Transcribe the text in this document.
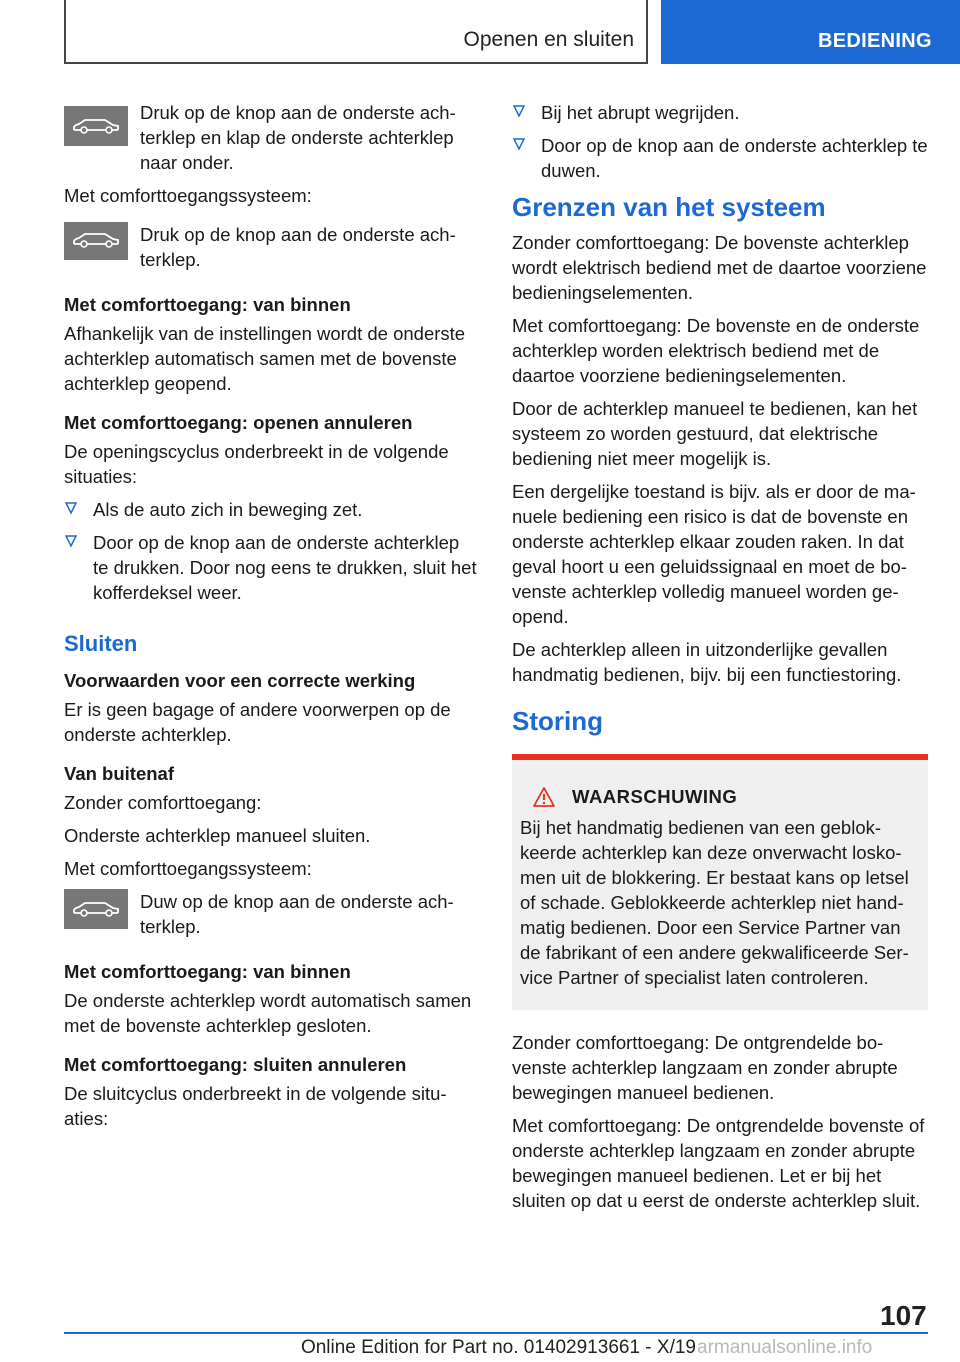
Openen en sluiten	BEDIENING
Druk op de knop aan de onderste achterklep en klap de onderste achterklep naar onder.

Met comforttoegangssysteem:

Druk op de knop aan de onderste achterklep.

Met comforttoegang: van binnen

Afhankelijk van de instellingen wordt de onderste achterklep automatisch samen met de bovenste achterklep geopend.

Met comforttoegang: openen annuleren

De openingscyclus onderbreekt in de volgende situaties:

Als de auto zich in beweging zet.
Door op de knop aan de onderste achterklep te drukken. Door nog eens te drukken, sluit het kofferdeksel weer.
Sluiten

Voorwaarden voor een correcte werking

Er is geen bagage of andere voorwerpen op de onderste achterklep.

Van buitenaf

Zonder comforttoegang:

Onderste achterklep manueel sluiten.

Met comforttoegangssysteem:

Duw op de knop aan de onderste achterklep.

Met comforttoegang: van binnen

De onderste achterklep wordt automatisch samen met de bovenste achterklep gesloten.

Met comforttoegang: sluiten annuleren

De sluitcyclus onderbreekt in de volgende situaties:

Bij het abrupt wegrijden.
Door op de knop aan de onderste achterklep te duwen.
Grenzen van het systeem

Zonder comforttoegang: De bovenste achterklep wordt elektrisch bediend met de daartoe voorziene bedieningselementen.

Met comforttoegang: De bovenste en de onderste achterklep worden elektrisch bediend met de daartoe voorziene bedieningselementen.

Door de achterklep manueel te bedienen, kan het systeem zo worden gestuurd, dat elektrische bediening niet meer mogelijk is.

Een dergelijke toestand is bijv. als er door de manuele bediening een risico is dat de bovenste en onderste achterklep elkaar zouden raken. In dat geval hoort u een geluidssignaal en moet de bovenste achterklep volledig manueel worden geopend.

De achterklep alleen in uitzonderlijke gevallen handmatig bedienen, bijv. bij een functiestoring.

Storing
WAARSCHUWING

Bij het handmatig bedienen van een geblokkeerde achterklep kan deze onverwacht loskomen uit de blokkering. Er bestaat kans op letsel of schade. Geblokkeerde achterklep niet handmatig bedienen. Door een Service Partner van de fabrikant of een andere gekwalificeerde Service Partner of specialist laten controleren.

Zonder comforttoegang: De ontgrendelde bovenste achterklep langzaam en zonder abrupte bewegingen manueel bedienen.

Met comforttoegang: De ontgrendelde bovenste of onderste achterklep langzaam en zonder abrupte bewegingen manueel bedienen. Let er bij het sluiten op dat u eerst de onderste achterklep sluit.

107
Online Edition for Part no. 01402913661 - X/19 armanualsonline.info
